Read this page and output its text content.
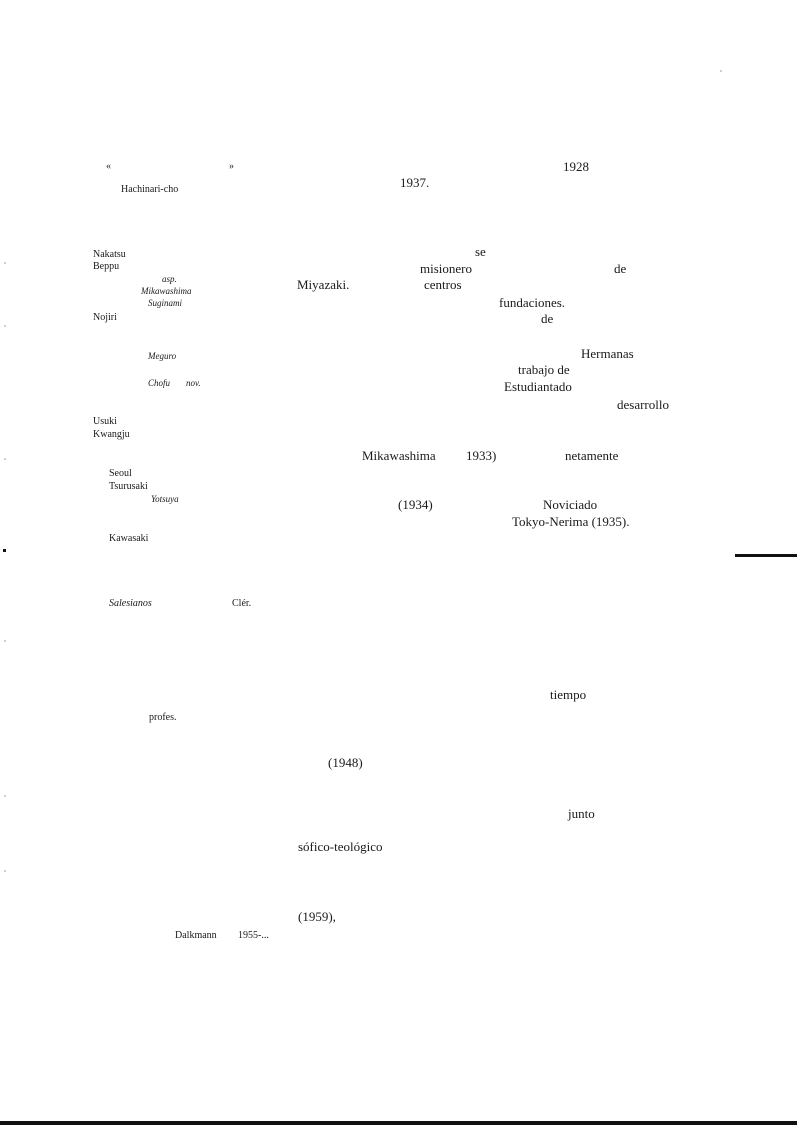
«	»
Hachinari-cho
Nakatsu
Beppu
asp.
Mikawashima
Suginami
Nojiri
Meguro
Chofu nov.
Usuki
Kwangju
Seoul
Tsurusaki
Yotsuya
Kawasaki
Salesianos	Clér.
profes.
Dalkmann 1955-...
1928
1937.
se
misionero	de
Miyazaki.	centros
fundaciones.
de
Hermanas
trabajo de
Estudiantado
desarrollo
Mikawashima 1933)	netamente
(1934)	Noviciado
Tokyo-Nerima (1935).
tiempo
(1948)
junto
sófico-teológico
(1959),
